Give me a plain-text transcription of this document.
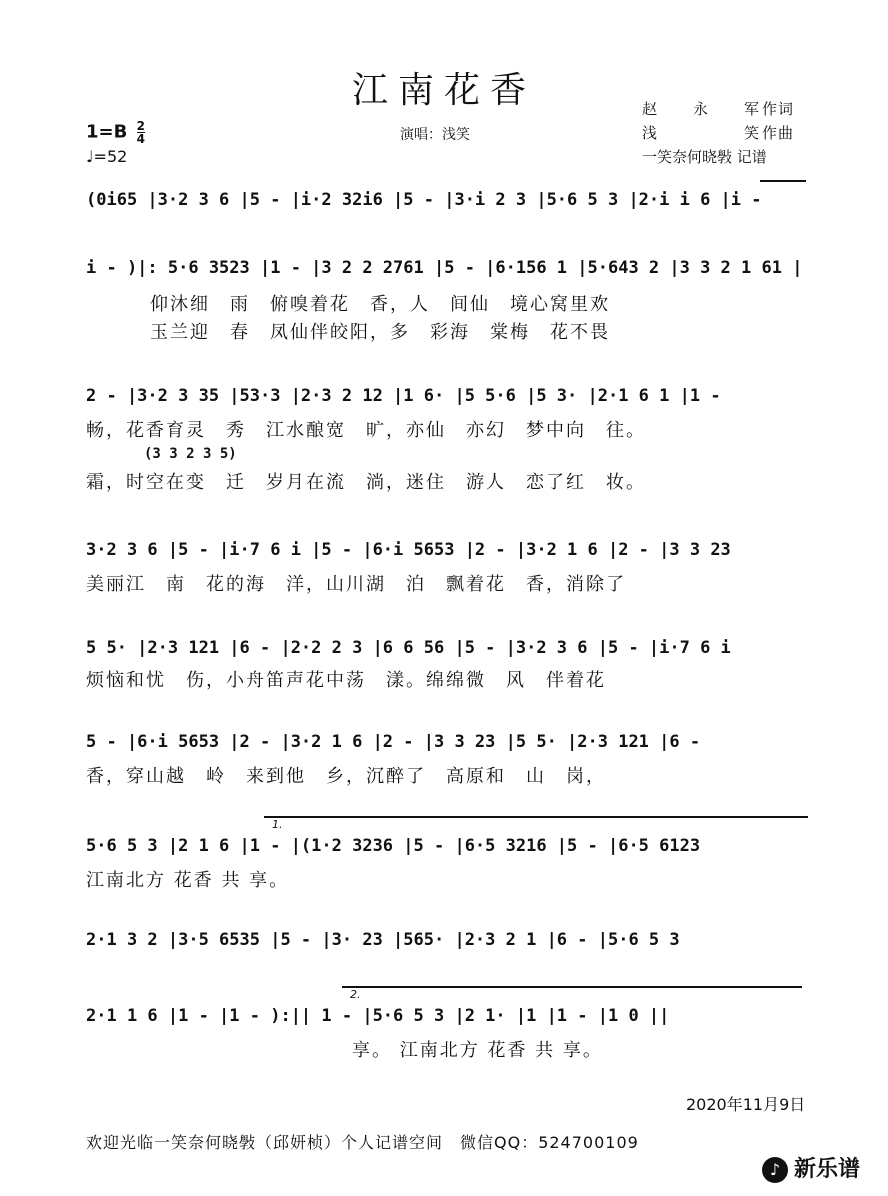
江南花香
$1=B \frac{2}{4}$
♩=52
演唱：浅笑
赵永军 作词
浅笑 作曲
一笑奈何晓斅 记谱
(0i65 |3·2 3 6 |5 - |i·2 32i6 |5 - |3·i 2 3 |5·6 5 3 |2·i i 6 |i -
i - )|: 5·6 3523 |1 - |3 2 2 2761 |5 - |6·156 1 |5·643 2 |3 3 2 1 61 |
仰沐细　雨　俯嗅着花　香，人　间仙　境心窝里欢
玉兰迎　春　凤仙伴皎阳，多　彩海　棠梅　花不畏
2 - |3·2 3 35 |53·3 |2·3 2 12 |1 6· |5 5·6 |5 3· |2·1 6 1 |1 -
畅，花香育灵　秀　江水酿宽　旷，亦仙　亦幻　梦中向　往。
(3 3 2 3 5)
霜，时空在变　迁　岁月在流　淌，迷住　游人　恋了红　妆。
3·2 3 6 |5 - |i·7 6 i |5 - |6·i 5653 |2 - |3·2 1 6 |2 - |3 3 23
美丽江　南　花的海　洋，山川湖　泊　飘着花　香，消除了
5 5· |2·3 121 |6 - |2·2 2 3 |6 6 56 |5 - |3·2 3 6 |5 - |i·7 6 i
烦恼和忧　伤，小舟笛声花中荡　漾。绵绵微　风　伴着花
5 - |6·i 5653 |2 - |3·2 1 6 |2 - |3 3 23 |5 5· |2·3 121 |6 -
香，穿山越　岭　来到他　乡，沉醉了　高原和　山　岗，
1.
5·6 5 3 |2 1 6 |1 - |(1·2 3236 |5 - |6·5 3216 |5 - |6·5 6123
江南北方 花香 共 享。
2·1 3 2 |3·5 6535 |5 - |3· 23 |565· |2·3 2 1 |6 - |5·6 5 3
2.
2·1 1 6 |1 - |1 - ):|| 1 - |5·6 5 3 |2 1· |1 |1 - |1 0 ||
享。 江南北方 花香 共 享。
2020年11月9日
欢迎光临一笑奈何晓斅（邱妍桢）个人记谱空间　微信QQ：524700109
♪ 新乐谱
